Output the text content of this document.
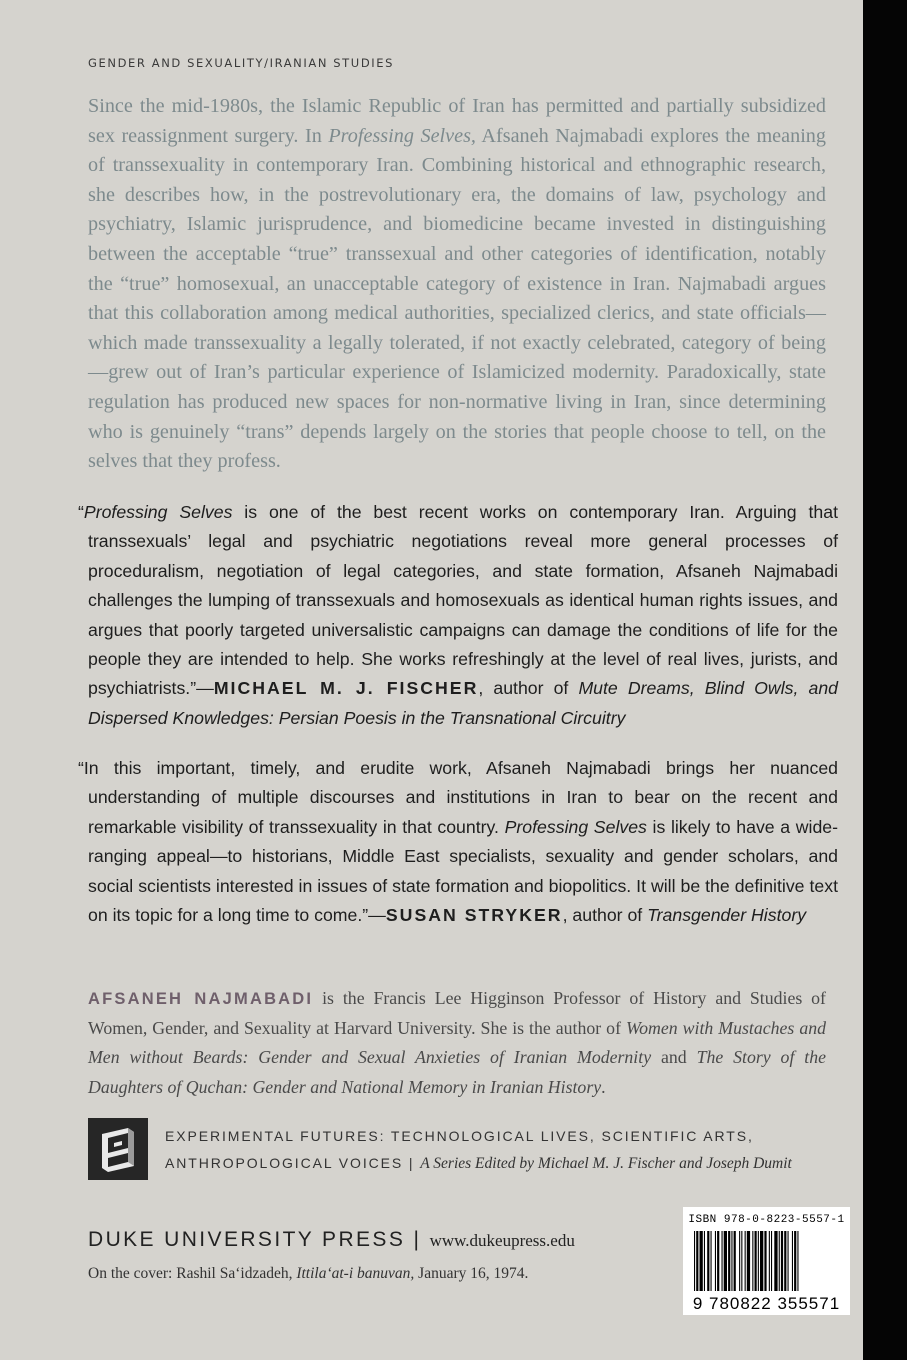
GENDER AND SEXUALITY/IRANIAN STUDIES

Since the mid-1980s, the Islamic Republic of Iran has permitted and partially subsidized sex reassignment surgery. In Professing Selves, Afsaneh Najmabadi explores the meaning of transsexuality in contemporary Iran. Combining historical and ethnographic research, she describes how, in the postrevolutionary era, the domains of law, psychology and psychiatry, Islamic jurisprudence, and biomedicine became invested in distinguishing between the acceptable “true” transsexual and other categories of identification, notably the “true” homosexual, an unacceptable category of existence in Iran. Najmabadi argues that this collaboration among medical authorities, specialized clerics, and state officials—which made transsexuality a legally tolerated, if not exactly celebrated, category of being—grew out of Iran’s particular experience of Islamicized modernity. Paradoxically, state regulation has produced new spaces for non-normative living in Iran, since determining who is genuinely “trans” depends largely on the stories that people choose to tell, on the selves that they profess.

“Professing Selves is one of the best recent works on contemporary Iran. Arguing that transsexuals’ legal and psychiatric negotiations reveal more general processes of proceduralism, negotiation of legal categories, and state formation, Afsaneh Najmabadi challenges the lumping of transsexuals and homosexuals as identical human rights issues, and argues that poorly targeted universalistic campaigns can damage the conditions of life for the people they are intended to help. She works refreshingly at the level of real lives, jurists, and psychiatrists.”—MICHAEL M. J. FISCHER, author of Mute Dreams, Blind Owls, and Dispersed Knowledges: Persian Poesis in the Transnational Circuitry

“In this important, timely, and erudite work, Afsaneh Najmabadi brings her nuanced understanding of multiple discourses and institutions in Iran to bear on the recent and remarkable visibility of transsexuality in that country. Professing Selves is likely to have a wide-ranging appeal—to historians, Middle East specialists, sexuality and gender scholars, and social scientists interested in issues of state formation and biopolitics. It will be the definitive text on its topic for a long time to come.”—SUSAN STRYKER, author of Transgender History

AFSANEH NAJMABADI is the Francis Lee Higginson Professor of History and Studies of Women, Gender, and Sexuality at Harvard University. She is the author of Women with Mustaches and Men without Beards: Gender and Sexual Anxieties of Iranian Modernity and The Story of the Daughters of Quchan: Gender and National Memory in Iranian History.

EXPERIMENTAL FUTURES: TECHNOLOGICAL LIVES, SCIENTIFIC ARTS,

ANTHROPOLOGICAL VOICES | A Series Edited by Michael M. J. Fischer and Joseph Dumit

DUKE UNIVERSITY PRESS | www.dukeupress.edu
On the cover: Rashil Sa‘idzadeh, Ittila‘at-i banuvan, January 16, 1974.
ISBN 978-0-8223-5557-1
9 780822 355571
